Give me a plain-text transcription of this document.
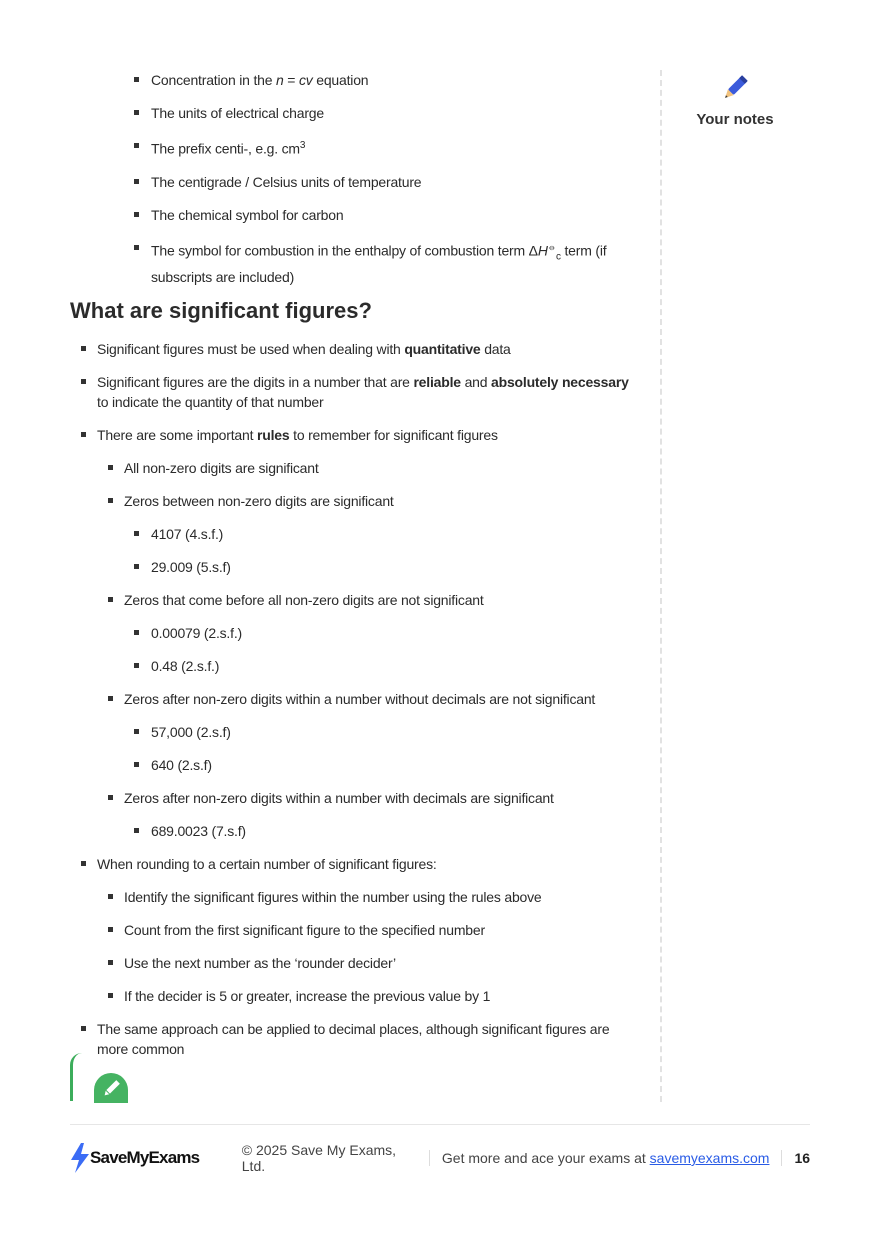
Concentration in the n = cv equation
The units of electrical charge
The prefix centi-, e.g. $cm^3$
The centigrade / Celsius units of temperature
The chemical symbol for carbon
The symbol for combustion in the enthalpy of combustion term $\Delta H^⦵_c$ term (if subscripts are included)
What are significant figures?
Significant figures must be used when dealing with quantitative data
Significant figures are the digits in a number that are reliable and absolutely necessary to indicate the quantity of that number
There are some important rules to remember for significant figures
All non-zero digits are significant
Zeros between non-zero digits are significant
4107 (4.s.f.)
29.009 (5.s.f)
Zeros that come before all non-zero digits are not significant
0.00079 (2.s.f.)
0.48 (2.s.f.)
Zeros after non-zero digits within a number without decimals are not significant
57,000 (2.s.f)
640 (2.s.f)
Zeros after non-zero digits within a number with decimals are significant
689.0023 (7.s.f)
When rounding to a certain number of significant figures:
Identify the significant figures within the number using the rules above
Count from the first significant figure to the specified number
Use the next number as the ‘rounder decider’
If the decider is 5 or greater, increase the previous value by 1
The same approach can be applied to decimal places, although significant figures are more common
Your notes
SaveMyExams	© 2025 Save My Exams, Ltd.	Get more and ace your exams at savemyexams.com 16
